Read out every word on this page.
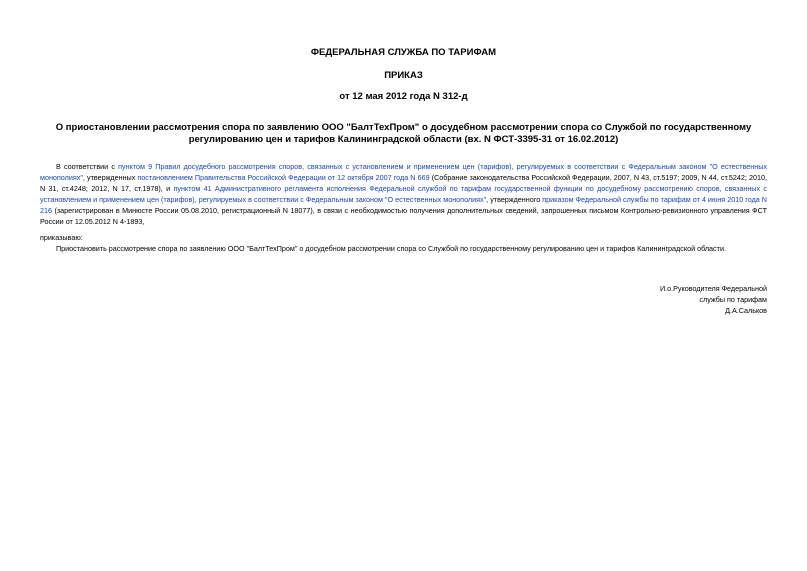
ФЕДЕРАЛЬНАЯ СЛУЖБА ПО ТАРИФАМ
ПРИКАЗ
от 12 мая 2012 года N 312-д
О приостановлении рассмотрения спора по заявлению ООО "БалтТехПром" о досудебном рассмотрении спора со Службой по государственному регулированию цен и тарифов Калининградской области (вх. N ФСТ-3395-31 от 16.02.2012)

В соответствии с пунктом 9 Правил досудебного рассмотрения споров, связанных с установлением и применением цен (тарифов), регулируемых в соответствии с Федеральным законом "О естественных монополиях", утвержденных постановлением Правительства Российской Федерации от 12 октября 2007 года N 669 (Собрание законодательства Российской Федерации, 2007, N 43, ст.5197; 2009, N 44, ст.5242; 2010, N 31, ст.4248; 2012, N 17, ст.1978), и пунктом 41 Административного регламента исполнения Федеральной службой по тарифам государственной функции по досудебному рассмотрению споров, связанных с установлением и применением цен (тарифов), регулируемых в соответствии с Федеральным законом "О естественных монополиях", утвержденного приказом Федеральной службы по тарифам от 4 июня 2010 года N 216 (зарегистрирован в Минюсте России 05.08.2010, регистрационный N 18077), в связи с необходимостью получения дополнительных сведений, запрошенных письмом Контрольно-ревизионного управления ФСТ России от 12.05.2012 N 4-1893,

приказываю:
Приостановить рассмотрение спора по заявлению ООО "БалтТехПром" о досудебном рассмотрении спора со Службой по государственному регулированию цен и тарифов Калининградской области.
И.о.Руководителя Федеральной
службы по тарифам
Д.А.Сальков
